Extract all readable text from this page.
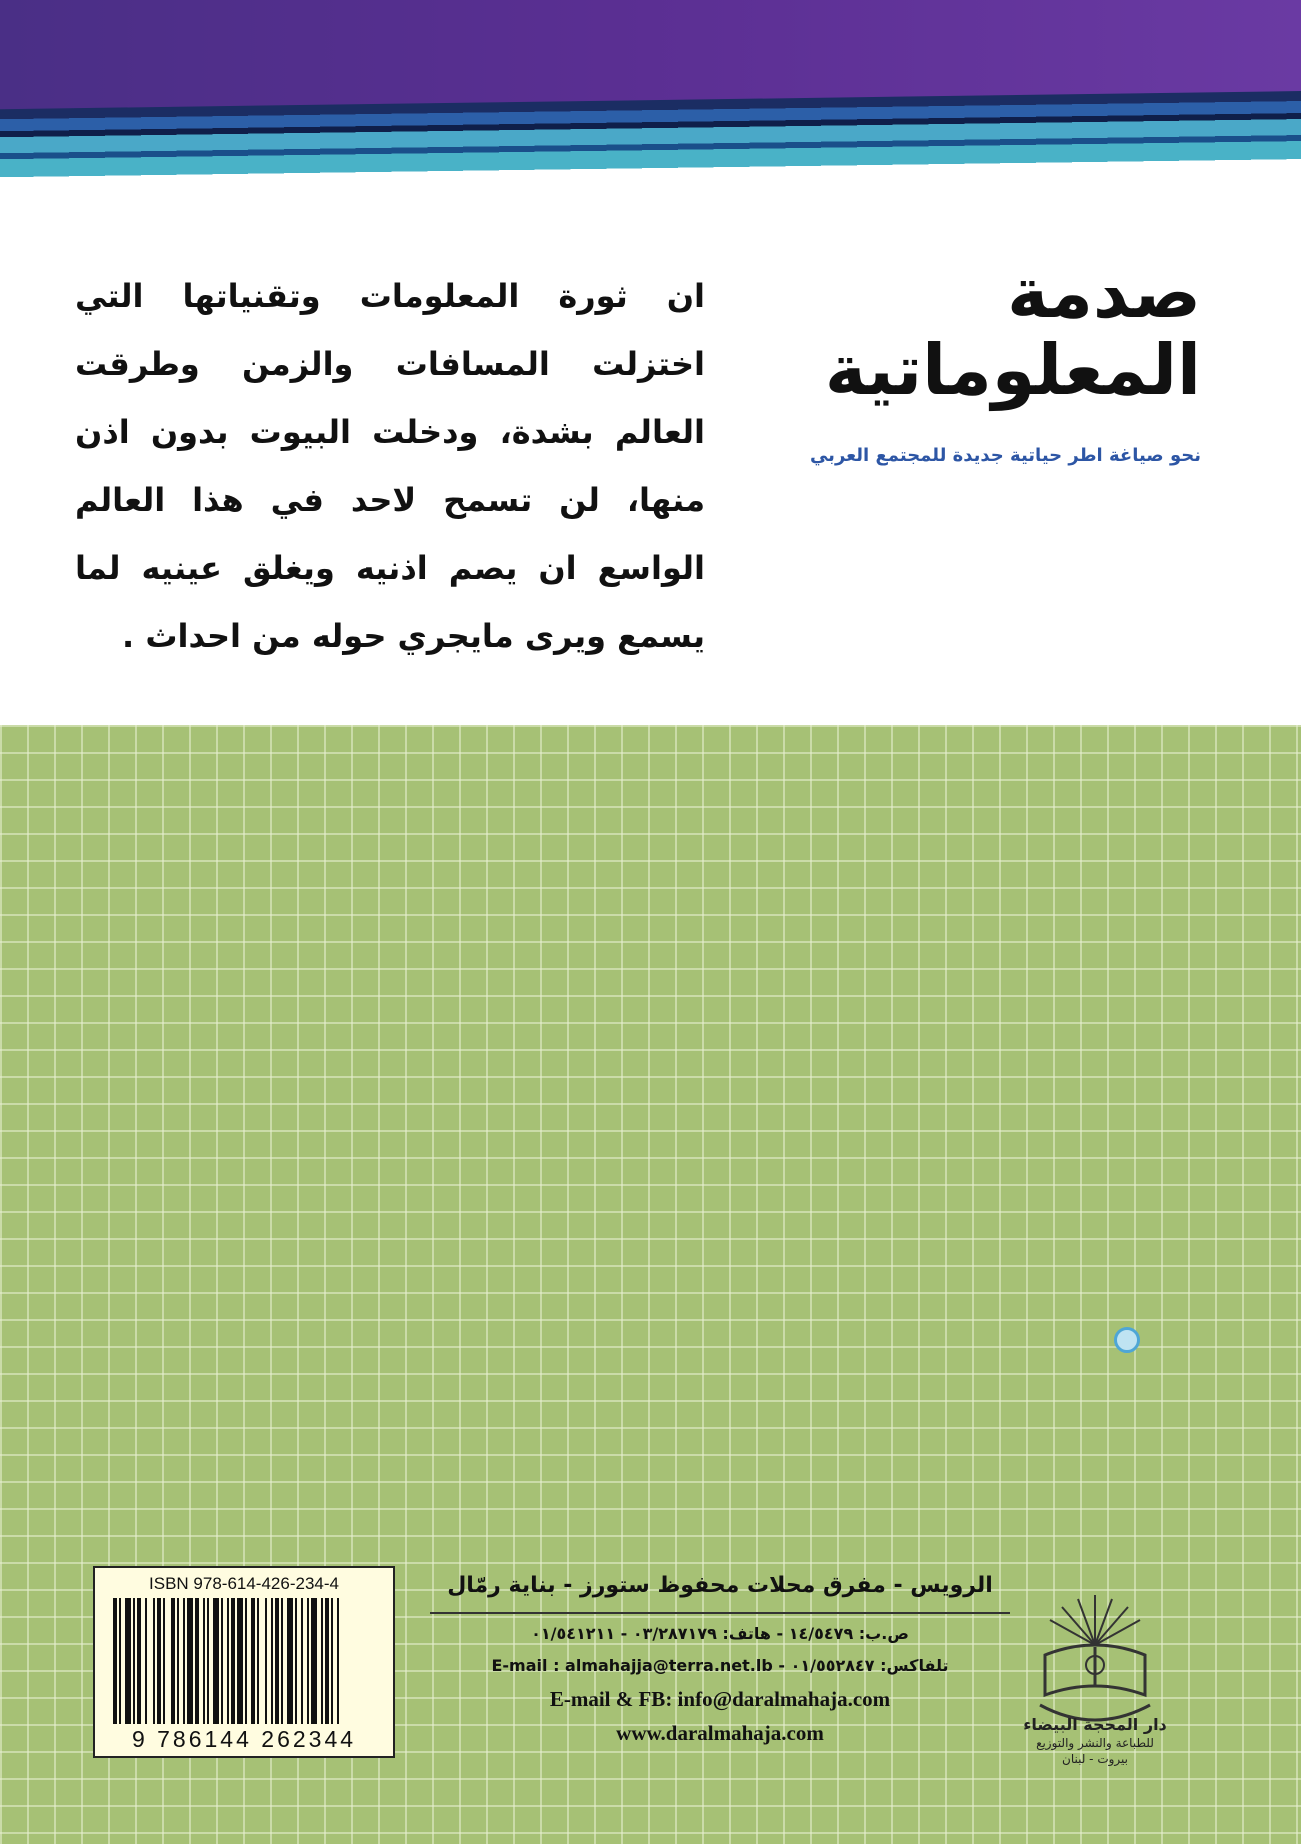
صدمة المعلوماتية
نحو صياغة اطر حياتية جديدة للمجتمع العربي
ان ثورة المعلومات وتقنياتها التي اختزلت المسافات والزمن وطرقت العالم بشدة، ودخلت البيوت بدون اذن منها، لن تسمح لاحد في هذا العالم الواسع ان يصم اذنيه ويغلق عينيه لما يسمع ويرى مايجري حوله من احداث .
ISBN 978-614-426-234-4
9 786144 262344
الرويس - مفرق محلات محفوظ ستورز - بناية رمّال
ص.ب: ١٤/٥٤٧٩ - هاتف: ٠٣/٢٨٧١٧٩ - ٠١/٥٤١٢١١
تلفاكس: ٠١/٥٥٢٨٤٧ - E-mail : almahajja@terra.net.lb
E-mail & FB: info@daralmahaja.com
www.daralmahaja.com	دار المحجة البيضاء
للطباعة والنشر والتوزيع
بيروت - لبنان
